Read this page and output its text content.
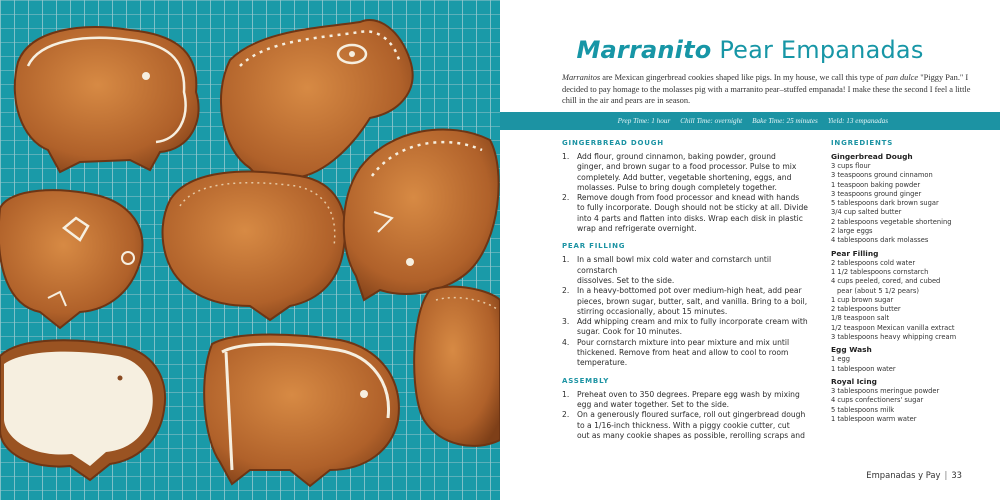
Marranito Pear Empanadas
Marranitos are Mexican gingerbread cookies shaped like pigs. In my house, we call this type of pan dulce "Piggy Pan." I decided to pay homage to the molasses pig with a marranito pear–stuffed empanada! I make these the second I feel a little chill in the air and pears are in season.
Prep Time: 1 hour Chill Time: overnight Bake Time: 25 minutes Yield: 13 empanadas
GINGERBREAD DOUGH
1. Add flour, ground cinnamon, baking powder, ground
ginger, and brown sugar to a food processor. Pulse to mix
completely. Add butter, vegetable shortening, eggs, and
molasses. Pulse to bring dough completely together.
2. Remove dough from food processor and knead with hands
to fully incorporate. Dough should not be sticky at all. Divide
into 4 parts and flatten into disks. Wrap each disk in plastic
wrap and refrigerate overnight.
PEAR FILLING
1. In a small bowl mix cold water and cornstarch until cornstarch
dissolves. Set to the side.
2. In a heavy-bottomed pot over medium-high heat, add pear
pieces, brown sugar, butter, salt, and vanilla. Bring to a boil,
stirring occasionally, about 15 minutes.
3. Add whipping cream and mix to fully incorporate cream with
sugar. Cook for 10 minutes.
4. Pour cornstarch mixture into pear mixture and mix until
thickened. Remove from heat and allow to cool to room
temperature.
ASSEMBLY
1. Preheat oven to 350 degrees. Prepare egg wash by mixing
egg and water together. Set to the side.
2. On a generously floured surface, roll out gingerbread dough
to a 1/16-inch thickness. With a piggy cookie cutter, cut
out as many cookie shapes as possible, rerolling scraps and
INGREDIENTS
Gingerbread Dough
3 cups flour
3 teaspoons ground cinnamon
1 teaspoon baking powder
3 teaspoons ground ginger
5 tablespoons dark brown sugar
3/4 cup salted butter
2 tablespoons vegetable shortening
2 large eggs
4 tablespoons dark molasses
Pear Filling
2 tablespoons cold water
1 1/2 tablespoons cornstarch
4 cups peeled, cored, and cubed
pear (about 5 1/2 pears)
1 cup brown sugar
2 tablespoons butter
1/8 teaspoon salt
1/2 teaspoon Mexican vanilla extract
3 tablespoons heavy whipping cream
Egg Wash
1 egg
1 tablespoon water
Royal Icing
3 tablespoons meringue powder
4 cups confectioners' sugar
5 tablespoons milk
1 tablespoon warm water
Empanadas y Pay | 33
